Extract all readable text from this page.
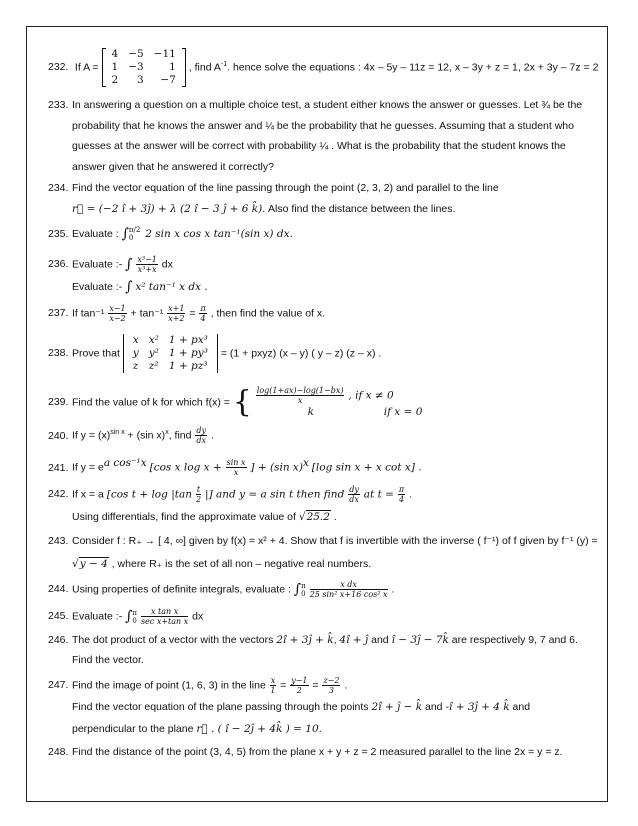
232. If A =
4	−5	−11
1	−3	1
2	3	−7
, find $A^{-1}$. hence solve the equations : 4x – 5y – 11z = 12, x – 3y + z = 1, 2x + 3y – 7z = 2
233. In answering a question on a multiple choice test, a student either knows the answer or guesses. Let ¾ be the
probability that he knows the answer and ¼ be the probability that he guesses. Assuming that a student who
guesses at the answer will be correct with probability ¼ . What is the probability that the student knows the
answer given that he answered it correctly?
234. Find the vector equation of the line passing through the point (2, 3, 2) and parallel to the line
r⃗ = (−2 î + 3ĵ) + λ (2 î − 3 ĵ + 6 k̂). Also find the distance between the lines.
235. Evaluate : ∫ π/2
0	2 sin x cos x tan⁻¹(sin x) dx.
236. Evaluate :- ∫ $\frac{\text{x³−1}}{\text{x³+x}}$ dx
Evaluate :- ∫ x² tan⁻¹ x dx .
237. If $\tan^{-1} \frac{x-1}{x-2} + \tan^{-1} \frac{x+1}{x+2} = \frac{\pi}{4}$ , then find the value of x.
238. Prove that
x	x²	1 + px³
y	y²	1 + py³
z	z²	1 + pz³
= (1 + pxyz) (x – y) ( y – z) (z – x) .
239. Find the value of k for which f(x) = { $\frac{\log(1+ax)-\log(1-bx)}{x}$ , if x ≠ 0
k	if x = 0
240. If $y = (x)^{sin x} + (\sin$ x)$^x$, find $\frac{dy}{dx}$ .
241. If $y = e^{a cos^{-1}x}$ [cos x $\log x + \frac{\text{sin x}}{x}$ ] + (sin x)$^x$ [log sin x + x cot x] .
242. If x = a [cos $t + \log |\tan \frac{t}{2}$ |] and y = a sin t then find $\frac{dy}{dx}$ at $t = \frac{\pi}{4}$ .
Using differentials, find the approximate value of √25.2 .
243. Consider f : R₊ → [ 4, ∞] given by f(x) = x² + 4. Show that f is invertible with the inverse ( f⁻¹) of f given by f⁻¹ (y) =
√y − 4 , where R₊ is the set of all non – negative real numbers.
244. Using properties of definite integrals, evaluate : ∫ π
0
$\frac{\text{x dx}}{\text{25 sin² x+16 cos² x}}$ .
245. Evaluate :- ∫ π
0
$\frac{\text{x tan x}}{\text{sec x+tan x}}$ dx
246. The dot product of a vector with the vectors 2î + 3ĵ + k̂, 4î + ĵ and î − 3ĵ − 7k̂ are respectively 9, 7 and 6.
Find the vector.
247. Find the image of point (1, 6, 3) in the line $\frac{x}{1} = \frac{y-1}{2} = \frac{z-2}{3}$ .
Find the vector equation of the plane passing through the points 2î + ĵ − k̂ and -î + 3ĵ + 4 k̂ and
perpendicular to the plane r⃗ . ( î − 2ĵ + 4k̂ ) = 10.
248. Find the distance of the point (3, 4, 5) from the plane x + y + z = 2 measured parallel to the line 2x = y = z.
